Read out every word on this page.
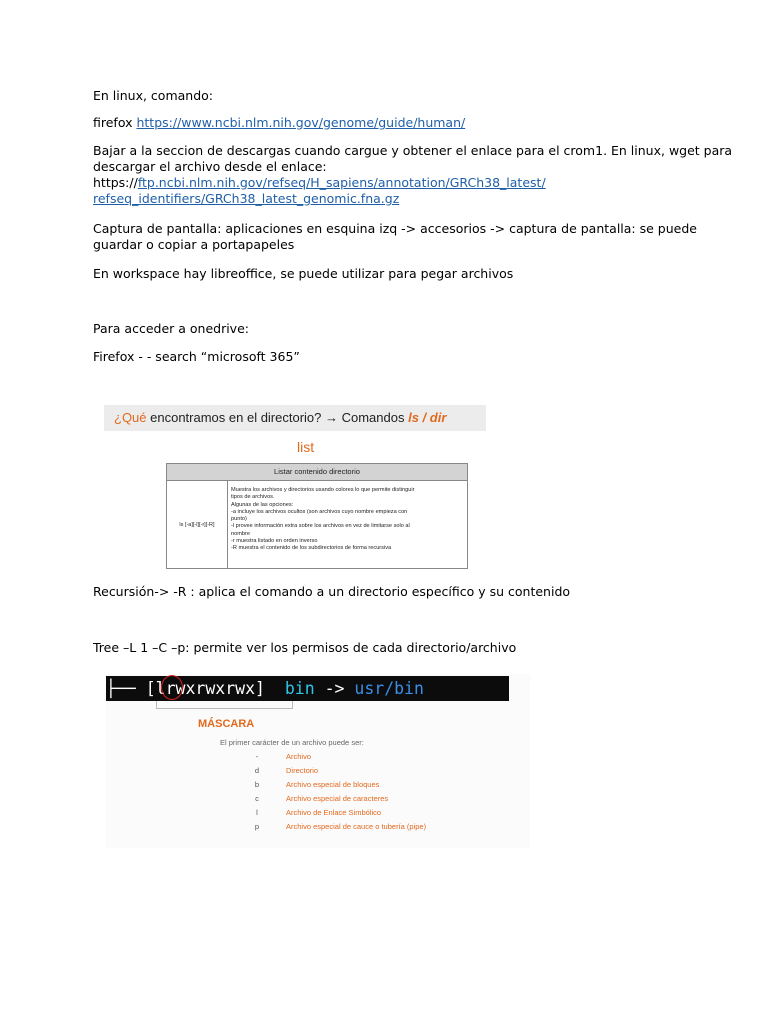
En linux, comando:
firefox https://www.ncbi.nlm.nih.gov/genome/guide/human/
Bajar a la seccion de descargas cuando cargue y obtener el enlace para el crom1. En linux, wget para
descargar el archivo desde el enlace:
https://ftp.ncbi.nlm.nih.gov/refseq/H_sapiens/annotation/GRCh38_latest/
refseq_identifiers/GRCh38_latest_genomic.fna.gz
Captura de pantalla: aplicaciones en esquina izq -> accesorios -> captura de pantalla: se puede
guardar o copiar a portapapeles
En workspace hay libreoffice, se puede utilizar para pegar archivos
Para acceder a onedrive:
Firefox - - search “microsoft 365”
¿Qué encontramos en el directorio? → Comandos ls / dir
list
Listar contenido directorio
ls [-a][-l][-r][-R]
Muestra los archivos y directorios usando colores lo que permite distinguir
tipos de archivos.
Algunas de las opciones:
-a incluye los archivos ocultos (son archivos cuyo nombre empieza con
punto)
-l provee información extra sobre los archivos en vez de limitarse solo al
nombre
-r muestra listado en orden inverso
-R muestra el contenido de los subdirectorios de forma recursiva
Recursión-> -R : aplica el comando a un directorio específico y su contenido
Tree –L 1 –C –p: permite ver los permisos de cada directorio/archivo
├── [lrwxrwxrwx]  bin -> usr/bin
MÁSCARA
El primer carácter de un archivo puede ser:
-	Archivo
d	Directorio
b	Archivo especial de bloques
c	Archivo especial de caracteres
l	Archivo de Enlace Simbólico
p	Archivo especial de cauce o tubería (pipe)
